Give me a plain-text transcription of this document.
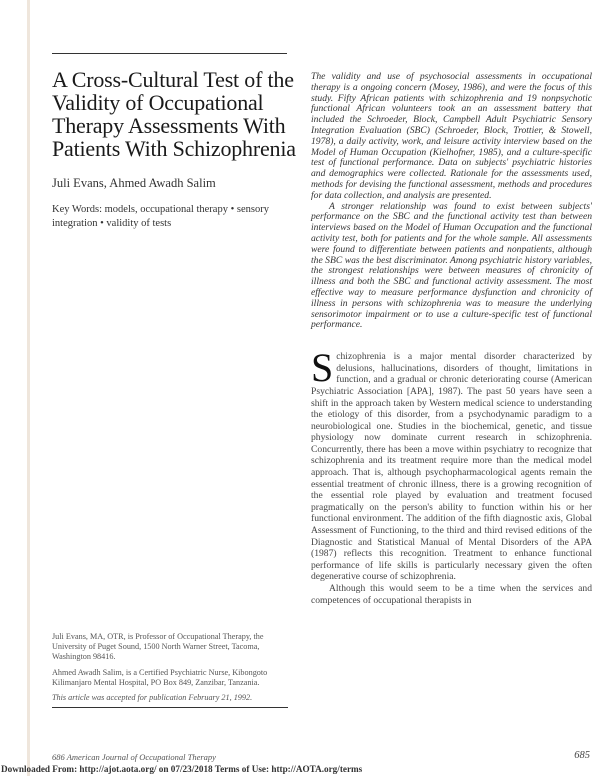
A Cross-Cultural Test of the Validity of Occupational Therapy Assessments With Patients With Schizophrenia
Juli Evans, Ahmed Awadh Salim
Key Words: models, occupational therapy • sensory integration • validity of tests

The validity and use of psychosocial assessments in occupational therapy is a ongoing concern (Mosey, 1986), and were the focus of this study. Fifty African patients with schizophrenia and 19 nonpsychotic functional African volunteers took an an assessment battery that included the Schroeder, Block, Campbell Adult Psychiatric Sensory Integration Evaluation (SBC) (Schroeder, Block, Trottier, & Stowell, 1978), a daily activity, work, and leisure activity interview based on the Model of Human Occupation (Kielhofner, 1985), and a culture-specific test of functional performance. Data on subjects' psychiatric histories and demographics were collected. Rationale for the assessments used, methods for devising the functional assessment, methods and procedures for data collection, and analysis are presented.

A stronger relationship was found to exist between subjects' performance on the SBC and the functional activity test than between interviews based on the Model of Human Occupation and the functional activity test, both for patients and for the whole sample. All assessments were found to differentiate between patients and nonpatients, although the SBC was the best discriminator. Among psychiatric history variables, the strongest relationships were between measures of chronicity of illness and both the SBC and functional activity assessment. The most effective way to measure performance dysfunction and chronicity of illness in persons with schizophrenia was to measure the underlying sensorimotor impairment or to use a culture-specific test of functional performance.

Schizophrenia is a major mental disorder characterized by delusions, hallucinations, disorders of thought, limitations in function, and a gradual or chronic deteriorating course (American Psychiatric Association [APA], 1987). The past 50 years have seen a shift in the approach taken by Western medical science to understanding the etiology of this disorder, from a psychodynamic paradigm to a neurobiological one. Studies in the biochemical, genetic, and tissue physiology now dominate current research in schizophrenia. Concurrently, there has been a move within psychiatry to recognize that schizophrenia and its treatment require more than the medical model approach. That is, although psychopharmacological agents remain the essential treatment of chronic illness, there is a growing recognition of the essential role played by evaluation and treatment focused pragmatically on the person's ability to function within his or her functional environment. The addition of the fifth diagnostic axis, Global Assessment of Functioning, to the third and third revised editions of the Diagnostic and Statistical Manual of Mental Disorders of the APA (1987) reflects this recognition. Treatment to enhance functional performance of life skills is particularly necessary given the often degenerative course of schizophrenia.

Although this would seem to be a time when the services and competences of occupational therapists in

Juli Evans, MA, OTR, is Professor of Occupational Therapy, the University of Puget Sound, 1500 North Warner Street, Tacoma, Washington 98416.

Ahmed Awadh Salim, is a Certified Psychiatric Nurse, Kibongoto Kilimanjaro Mental Hospital, PO Box 849, Zanzibar, Tanzania.

This article was accepted for publication February 21, 1992.

686 American Journal of Occupational Therapy	685
Downloaded From: http://ajot.aota.org/ on 07/23/2018 Terms of Use: http://AOTA.org/terms
